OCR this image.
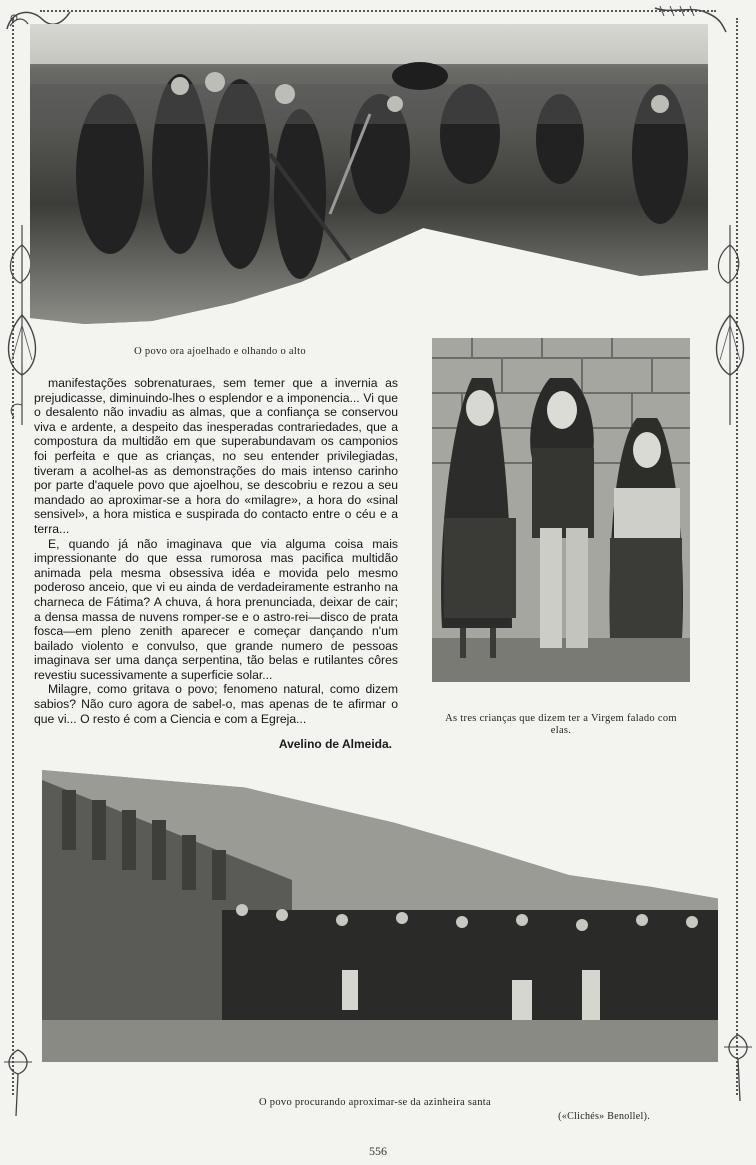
O povo ora ajoelhado e olhando o alto
As tres crianças que dizem ter a Virgem falado com elas.

manifestações sobrenaturaes, sem temer que a invernia as prejudicasse, diminuindo-lhes o esplendor e a imponencia... Vi que o desalento não invadiu as almas, que a confiança se conservou viva e ardente, a despeito das inesperadas contrariedades, que a compostura da multidão em que superabundavam os camponios foi perfeita e que as crianças, no seu entender privilegiadas, tiveram a acolhel-as as demonstrações do mais intenso carinho por parte d'aquele povo que ajoelhou, se descobriu e rezou a seu mandado ao aproximar-se a hora do «milagre», a hora do «sinal sensivel», a hora mistica e suspirada do contacto entre o céu e a terra...

E, quando já não imaginava que via alguma coisa mais impressionante do que essa rumorosa mas pacifica multidão animada pela mesma obsessiva idéa e movida pelo mesmo poderoso anceio, que vi eu ainda de verdadeiramente estranho na charneca de Fátima? A chuva, á hora prenunciada, deixar de cair; a densa massa de nuvens romper-se e o astro-rei—disco de prata fosca—em pleno zenith aparecer e começar dançando n'um bailado violento e convulso, que grande numero de pessoas imaginava ser uma dança serpentina, tão belas e rutilantes côres revestiu sucessivamente a superficie solar...

Milagre, como gritava o povo; fenomeno natural, como dizem sabios? Não curo agora de sabel-o, mas apenas de te afirmar o que vi... O resto é com a Ciencia e com a Egreja...

Avelino de Almeida.
O povo procurando aproximar-se da azinheira santa
(«Clichés» Benollel).
556
